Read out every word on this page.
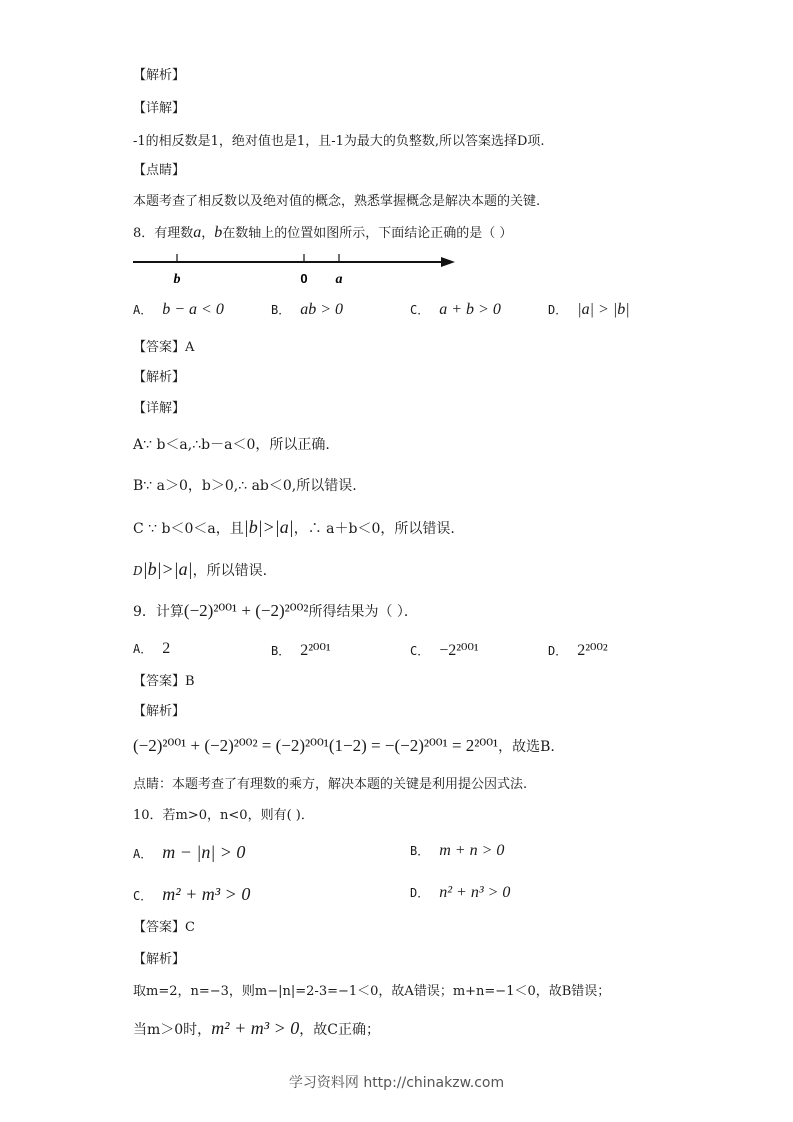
【解析】
【详解】
-1的相反数是1，绝对值也是1，且-1为最大的负整数,所以答案选择D项.
【点睛】
本题考查了相反数以及绝对值的概念，熟悉掌握概念是解决本题的关键.
8．有理数a，b在数轴上的位置如图所示，下面结论正确的是（ ）
b	0 a
A． b − a < 0	B． ab > 0	C． a + b > 0	D． |a| > |b|
【答案】A
【解析】
【详解】
A∵ b＜a,∴b－a＜0，所以正确.
B∵ a＞0，b＞0,∴ ab＜0,所以错误.
C ∵ b＜0＜a，且|b|>|a|，∴ a＋b＜0，所以错误.
D|b|>|a|，所以错误.
9．计算(−2)²⁰⁰¹ + (−2)²⁰⁰²所得结果为（ ）．
A． 2	B． 2²⁰⁰¹	C． −2²⁰⁰¹	D． 2²⁰⁰²
【答案】B
【解析】
(−2)²⁰⁰¹ + (−2)²⁰⁰² = (−2)²⁰⁰¹(1−2) = −(−2)²⁰⁰¹ = 2²⁰⁰¹，故选B.
点睛：本题考查了有理数的乘方，解决本题的关键是利用提公因式法.
10．若m>0，n<0，则有( )．
A． m − |n| > 0	B． m + n > 0
C． m² + m³ > 0	D． n² + n³ > 0
【答案】C
【解析】
取m=2，n=−3，则m−|n|=2-3=−1＜0，故A错误；m+n=−1＜0，故B错误；
当m＞0时，m² + m³ > 0，故C正确；
学习资料网 http://chinakzw.com
